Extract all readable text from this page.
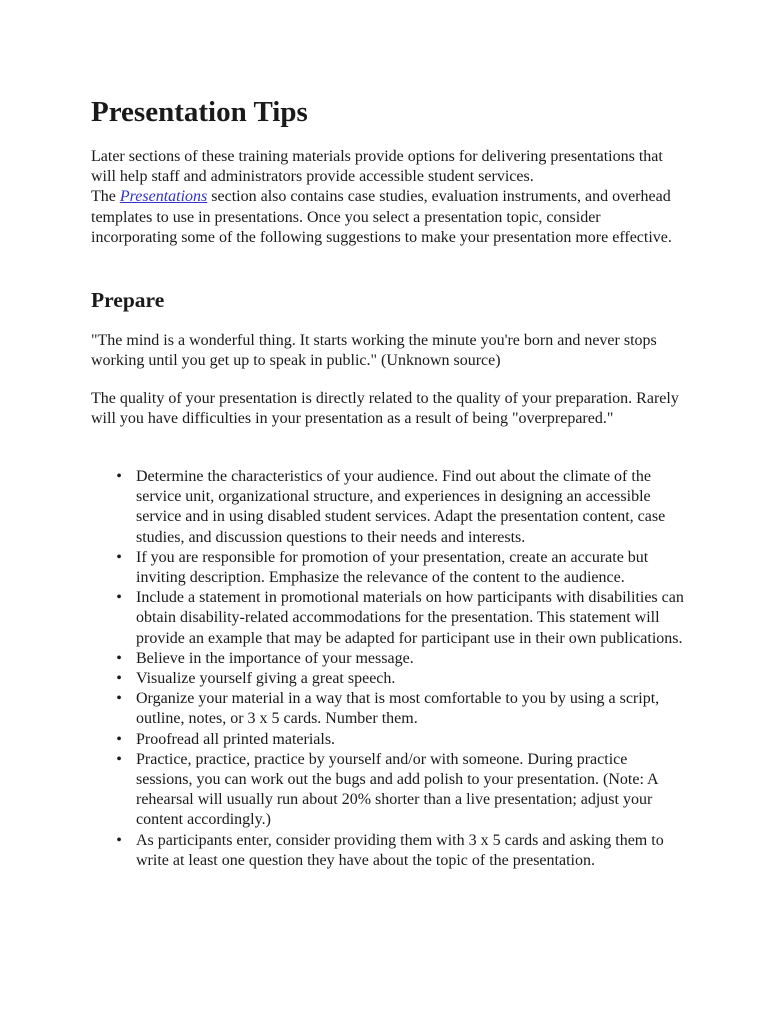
Presentation Tips

Later sections of these training materials provide options for delivering presentations that will help staff and administrators provide accessible student services.
The Presentations section also contains case studies, evaluation instruments, and overhead templates to use in presentations. Once you select a presentation topic, consider incorporating some of the following suggestions to make your presentation more effective.

Prepare

"The mind is a wonderful thing. It starts working the minute you're born and never stops working until you get up to speak in public." (Unknown source)

The quality of your presentation is directly related to the quality of your preparation. Rarely will you have difficulties in your presentation as a result of being "overprepared."

• Determine the characteristics of your audience. Find out about the climate of the service unit, organizational structure, and experiences in designing an accessible service and in using disabled student services. Adapt the presentation content, case studies, and discussion questions to their needs and interests.
• If you are responsible for promotion of your presentation, create an accurate but inviting description. Emphasize the relevance of the content to the audience.
• Include a statement in promotional materials on how participants with disabilities can obtain disability-related accommodations for the presentation. This statement will provide an example that may be adapted for participant use in their own publications.
• Believe in the importance of your message.
• Visualize yourself giving a great speech.
• Organize your material in a way that is most comfortable to you by using a script, outline, notes, or 3 x 5 cards. Number them.
• Proofread all printed materials.
• Practice, practice, practice by yourself and/or with someone. During practice sessions, you can work out the bugs and add polish to your presentation. (Note: A rehearsal will usually run about 20% shorter than a live presentation; adjust your content accordingly.)
• As participants enter, consider providing them with 3 x 5 cards and asking them to write at least one question they have about the topic of the presentation.
